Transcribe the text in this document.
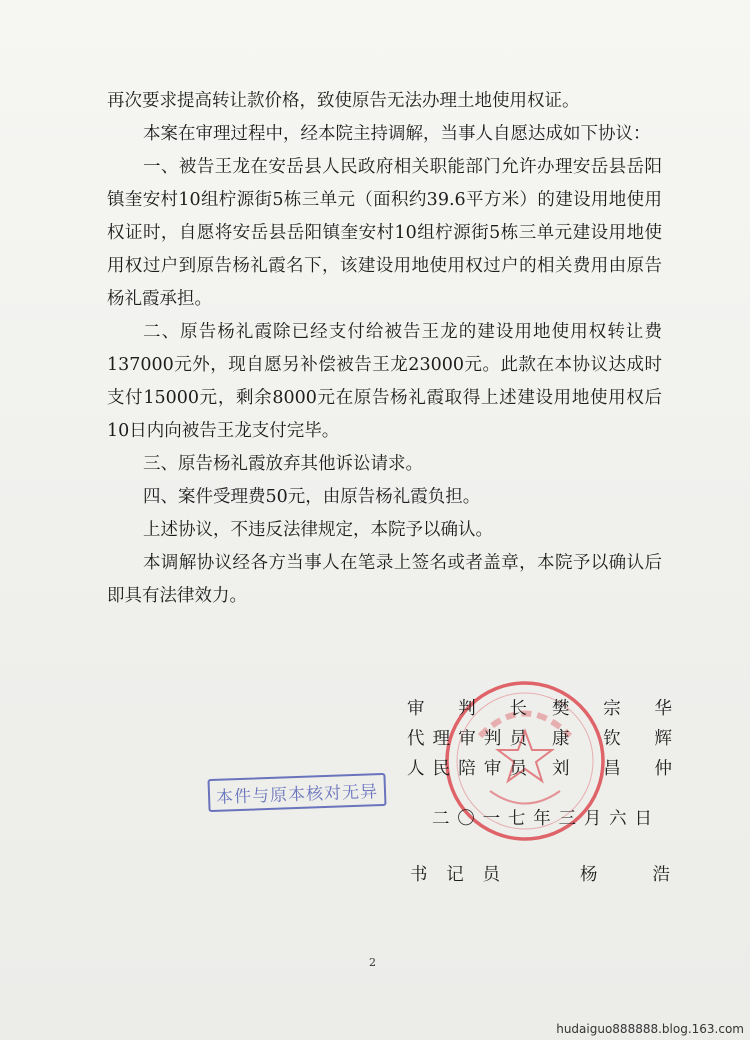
再次要求提高转让款价格，致使原告无法办理土地使用权证。

本案在审理过程中，经本院主持调解，当事人自愿达成如下协议：

一、被告王龙在安岳县人民政府相关职能部门允许办理安岳县岳阳镇奎安村10组柠源街5栋三单元（面积约39.6平方米）的建设用地使用权证时，自愿将安岳县岳阳镇奎安村10组柠源街5栋三单元建设用地使用权过户到原告杨礼霞名下，该建设用地使用权过户的相关费用由原告杨礼霞承担。

二、原告杨礼霞除已经支付给被告王龙的建设用地使用权转让费137000元外，现自愿另补偿被告王龙23000元。此款在本协议达成时支付15000元，剩余8000元在原告杨礼霞取得上述建设用地使用权后10日内向被告王龙支付完毕。

三、原告杨礼霞放弃其他诉讼请求。

四、案件受理费50元，由原告杨礼霞负担。

上述协议，不违反法律规定，本院予以确认。

本调解协议经各方当事人在笔录上签名或者盖章，本院予以确认后即具有法律效力。

审判长 樊宗华
代理审判员 康钦辉
人民陪审员 刘昌仲
本件与原本核对无异
二〇一七年三月六日
书记员	杨浩
2
hudaiguo888888.blog.163.com
